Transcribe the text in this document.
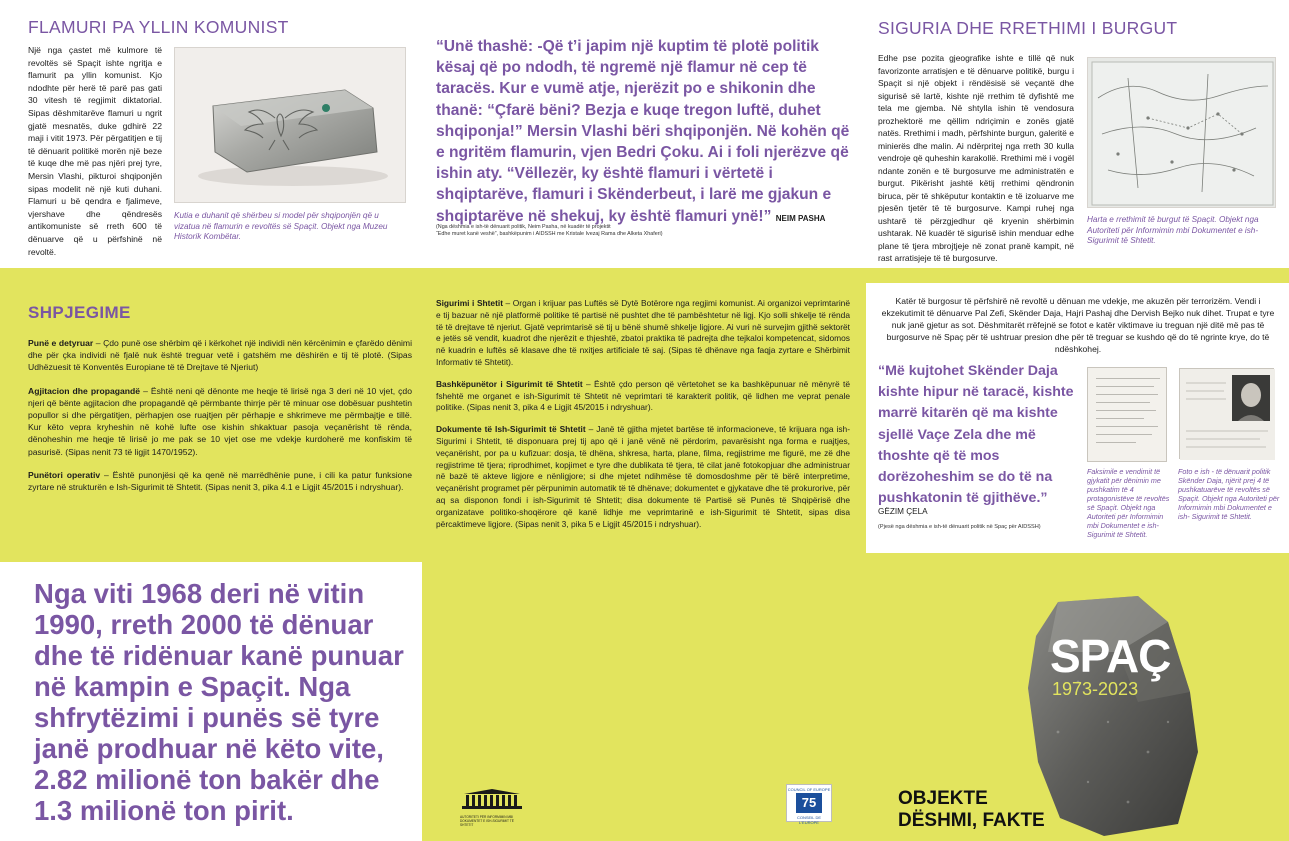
FLAMURI PA YLLIN KOMUNIST

Një nga çastet më kulmore të revoltës së Spaçit ishte ngritja e flamurit pa yllin komunist. Kjo ndodhte për herë të parë pas gati 30 vitesh të regjimit diktatorial. Sipas dëshmitarëve flamuri u ngrit gjatë mesnatës, duke gdhirë 22 maji i vitit 1973. Për përgatitjen e tij të dënuarit politikë morën një beze të kuqe dhe më pas njëri prej tyre, Mersin Vlashi, pikturoi shqiponjën sipas modelit në një kuti duhani. Flamuri u bë qendra e fjalimeve, vjershave dhe qëndresës antikomuniste së rreth 600 të dënuarve që u përfshinë në revoltë.

Kutia e duhanit që shërbeu si model për shqiponjën që u vizatua në flamurin e revoltës së Spaçit. Objekt nga Muzeu Historik Kombëtar.

“Unë thashë: -Që t’i japim një kuptim të plotë politik kësaj që po ndodh, të ngremë një flamur në cep të taracës. Kur e vumë atje, njerëzit po e shikonin dhe thanë: “Çfarë bëni? Bezja e kuqe tregon luftë, duhet shqiponja!” Mersin Vlashi bëri shqiponjën. Në kohën që e ngritëm flamurin, vjen Bedri Çoku. Ai i foli njerëzve që ishin aty. “Vëllezër, ky është flamuri i vërtetë i shqiptarëve, flamuri i Skënderbeut, i larë me gjakun e shqiptarëve në shekuj, ky është flamuri ynë!” NEIM PASHA

(Nga dëshmia e ish-të dënuarit politik, Neim Pasha, në kuadër të projektit

“Edhe muret kanë veshë”, bashkëpunim i AIDSSH me Kristale Ivezaj Rama dhe Alketa Xhaferi)

SIGURIA DHE RRETHIMI I BURGUT

Edhe pse pozita gjeografike ishte e tillë që nuk favorizonte arratisjen e të dënuarve politikë, burgu i Spaçit si një objekt i rëndësisë së veçantë dhe sigurisë së lartë, kishte një rrethim të dyfishtë me tela me gjemba. Në shtylla ishin të vendosura prozhektorë me qëllim ndriçimin e zonës gjatë natës. Rrethimi i madh, përfshinte burgun, galeritë e minierës dhe malin. Ai ndërpritej nga rreth 30 kulla vendroje që quheshin karakollë. Rrethimi më i vogël ndante zonën e të burgosurve me administratën e burgut. Pikërisht jashtë këtij rrethimi qëndronin biruca, për të shkëputur kontaktin e të izoluarve me pjesën tjetër të të burgosurve. Kampi ruhej nga ushtarë të përzgjedhur që kryenin shërbimin ushtarak. Në kuadër të sigurisë ishin menduar edhe plane të tjera mbrojtjeje në zonat pranë kampit, në rast arratisjeje të të burgosurve.

Harta e rrethimit të burgut të Spaçit. Objekt nga Autoriteti për Informimin mbi Dokumentet e ish- Sigurimit të Shtetit.

SHPJEGIME

Punë e detyruar – Çdo punë ose shërbim që i kërkohet një individi nën kërcënimin e çfarëdo dënimi dhe për çka individi në fjalë nuk është treguar vetë i gatshëm me dëshirën e tij të plotë. (Sipas Udhëzuesit të Konventës Europiane të të Drejtave të Njeriut)

Agjitacion dhe propagandë – Është neni që dënonte me heqje të lirisë nga 3 deri në 10 vjet, çdo njeri që bënte agjitacion dhe propagandë që përmbante thirrje për të minuar ose dobësuar pushtetin popullor si dhe përgatitjen, përhapjen ose ruajtjen për përhapje e shkrimeve me përmbajtje e tillë. Kur këto vepra kryheshin në kohë lufte ose kishin shkaktuar pasoja veçanërisht të rënda, dënoheshin me heqje të lirisë jo me pak se 10 vjet ose me vdekje kurdoherë me konfiskim të pasurisë. (Sipas nenit 73 të ligjit 1470/1952).

Punëtori operativ – Është punonjësi që ka qenë në marrëdhënie pune, i cili ka patur funksione zyrtare në strukturën e Ish-Sigurimit të Shtetit. (Sipas nenit 3, pika 4.1 e Ligjit 45/2015 i ndryshuar).

Sigurimi i Shtetit – Organ i krijuar pas Luftës së Dytë Botërore nga regjimi komunist. Ai organizoi veprimtarinë e tij bazuar në një platformë politike të partisë në pushtet dhe të pambështetur në ligj. Kjo solli shkelje të rënda të të drejtave të njeriut. Gjatë veprimtarisë së tij u bënë shumë shkelje ligjore. Ai vuri në survejim gjithë sektorët e jetës së vendit, kuadrot dhe njerëzit e thjeshtë, zbatoi praktika të padrejta dhe tejkaloi kompetencat, sidomos në kuadrin e luftës së klasave dhe të nxitjes artificiale të saj. (Sipas të dhënave nga faqja zyrtare e Shërbimit Informativ të Shtetit).

Bashkëpunëtor i Sigurimit të Shtetit – Është çdo person që vërtetohet se ka bashkëpunuar në mënyrë të fshehtë me organet e ish-Sigurimit të Shtetit në veprimtari të karakterit politik, që lidhen me veprat penale politike. (Sipas nenit 3, pika 4 e Ligjit 45/2015 i ndryshuar).

Dokumente të Ish-Sigurimit të Shtetit – Janë të gjitha mjetet bartëse të informacioneve, të krijuara nga ish-Sigurimi i Shtetit, të disponuara prej tij apo që i janë vënë në përdorim, pavarësisht nga forma e ruajtjes, veçanërisht, por pa u kufizuar: dosja, të dhëna, shkresa, harta, plane, filma, regjistrime me figurë, me zë dhe regjistrime të tjera; riprodhimet, kopjimet e tyre dhe dublikata të tjera, të cilat janë fotokopjuar dhe administruar në bazë të akteve ligjore e nënligjore; si dhe mjetet ndihmëse të domosdoshme për të bërë interpretime, veçanërisht programet për përpunimin automatik të të dhënave; dokumentet e gjykatave dhe të prokurorive, për aq sa disponon fondi i ish-Sigurimit të Shtetit; disa dokumente të Partisë së Punës të Shqipërisë dhe organizatave politiko-shoqërore që kanë lidhje me veprimtarinë e ish-Sigurimit të Shtetit, sipas disa përcaktimeve ligjore. (Sipas nenit 3, pika 5 e Ligjit 45/2015 i ndryshuar).

Katër të burgosur të përfshirë në revoltë u dënuan me vdekje, me akuzën për terrorizëm. Vendi i ekzekutimit të dënuarve Pal Zefi, Skënder Daja, Hajri Pashaj dhe Dervish Bejko nuk dihet. Trupat e tyre nuk janë gjetur as sot. Dëshmitarët rrëfejnë se fotot e katër viktimave iu treguan një ditë më pas të burgosurve në Spaç për të ushtruar presion dhe për të treguar se kushdo që do të ngrinte krye, do të ndëshkohej.

“Më kujtohet Skënder Daja kishte hipur në taracë, kishte marrë kitarën që ma kishte sjellë Vaçe Zela dhe më thoshte që të mos dorëzoheshim se do të na pushkatonin të gjithëve.”

GËZIM ÇELA

(Pjesë nga dëshmia e ish-të dënuarit politik në Spaç për AIDSSH)

Faksimile e vendimit të gjykatit për dënimin me pushkatim të 4 protagonistëve të revoltës së Spaçit. Objekt nga Autoriteti për Informimin mbi Dokumentet e ish-Sigurimit të Shtetit.

Foto e ish - të dënuarit politik Skënder Daja, njërit prej 4 të pushkatuarëve të revoltës së Spaçit. Objekt nga Autoriteti për Informimin mbi Dokumentet e ish- Sigurimit të Shtetit.

Nga viti 1968 deri në vitin 1990, rreth 2000 të dënuar dhe të ridënuar kanë punuar në kampin e Spaçit. Nga shfrytëzimi i punës së tyre janë prodhuar në këto vite, 2.82 milionë ton bakër dhe 1.3 milionë ton pirit.	AUTORITETI PËR INFORMIMIN MBI DOKUMENTET E ISH-SIGURIMIT TË SHTETIT
COUNCIL OF EUROPE
75
CONSEIL DE L'EUROPE
OBJEKTE
DËSHMI, FAKTE
SPAÇ
1973-2023
